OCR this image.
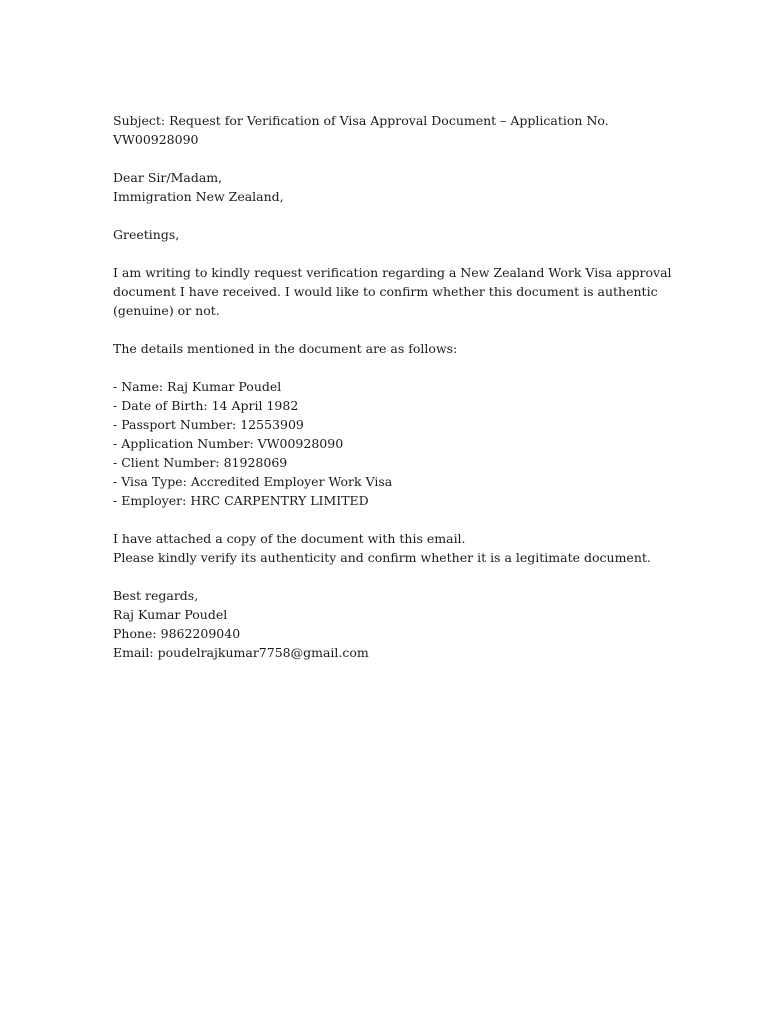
Subject: Request for Verification of Visa Approval Document – Application No.
VW00928090
Dear Sir/Madam,
Immigration New Zealand,
Greetings,
I am writing to kindly request verification regarding a New Zealand Work Visa approval
document I have received. I would like to confirm whether this document is authentic
(genuine) or not.
The details mentioned in the document are as follows:
- Name: Raj Kumar Poudel
- Date of Birth: 14 April 1982
- Passport Number: 12553909
- Application Number: VW00928090
- Client Number: 81928069
- Visa Type: Accredited Employer Work Visa
- Employer: HRC CARPENTRY LIMITED
I have attached a copy of the document with this email.
Please kindly verify its authenticity and confirm whether it is a legitimate document.
Best regards,
Raj Kumar Poudel
Phone: 9862209040
Email: poudelrajkumar7758@gmail.com
